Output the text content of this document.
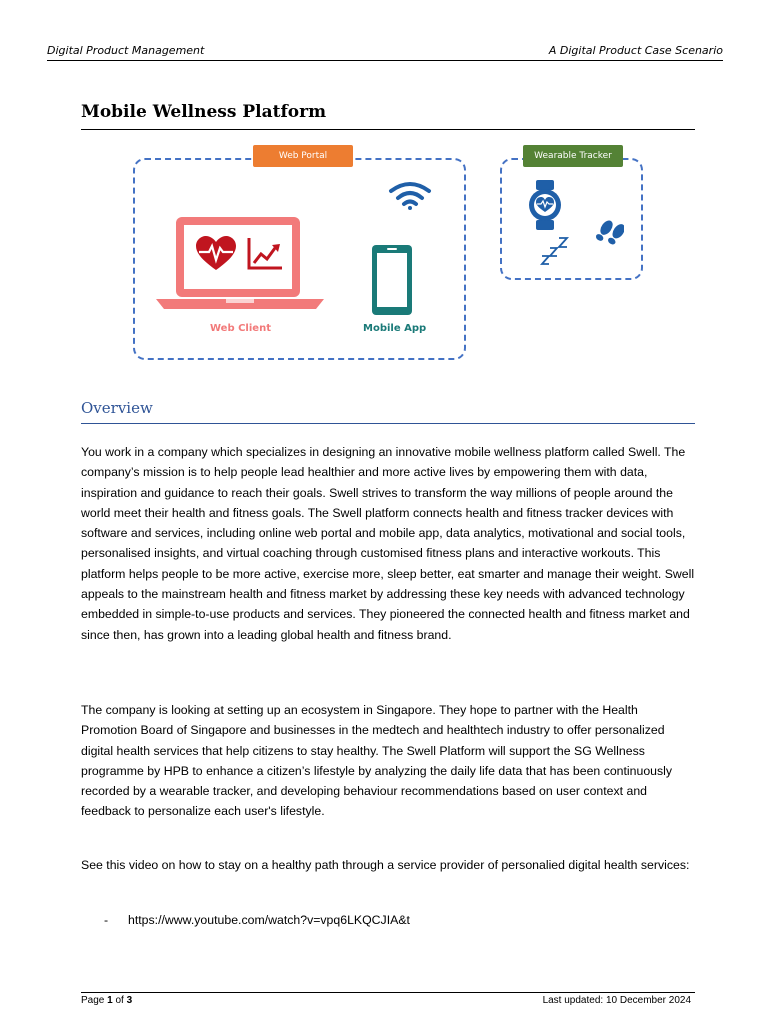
Digital Product Management	A Digital Product Case Scenario
Mobile Wellness Platform
Web Portal	Wearable Tracker
Web Client	Mobile App
Overview

You work in a company which specializes in designing an innovative mobile wellness platform called Swell. The company’s mission is to help people lead healthier and more active lives by empowering them with data, inspiration and guidance to reach their goals. Swell strives to transform the way millions of people around the world meet their health and fitness goals. The Swell platform connects health and fitness tracker devices with software and services, including online web portal and mobile app, data analytics, motivational and social tools, personalised insights, and virtual coaching through customised fitness plans and interactive workouts. This platform helps people to be more active, exercise more, sleep better, eat smarter and manage their weight. Swell appeals to the mainstream health and fitness market by addressing these key needs with advanced technology embedded in simple-to-use products and services. They pioneered the connected health and fitness market and since then, has grown into a leading global health and fitness brand.

The company is looking at setting up an ecosystem in Singapore. They hope to partner with the Health Promotion Board of Singapore and businesses in the medtech and healthtech industry to offer personalized digital health services that help citizens to stay healthy. The Swell Platform will support the SG Wellness programme by HPB to enhance a citizen’s lifestyle by analyzing the daily life data that has been continuously recorded by a wearable tracker, and developing behaviour recommendations based on user context and feedback to personalize each user's lifestyle.

See this video on how to stay on a healthy path through a service provider of personalied digital health services:

- https://www.youtube.com/watch?v=vpq6LKQCJIA&t
Page 1 of 3	Last updated: 10 December 2024
